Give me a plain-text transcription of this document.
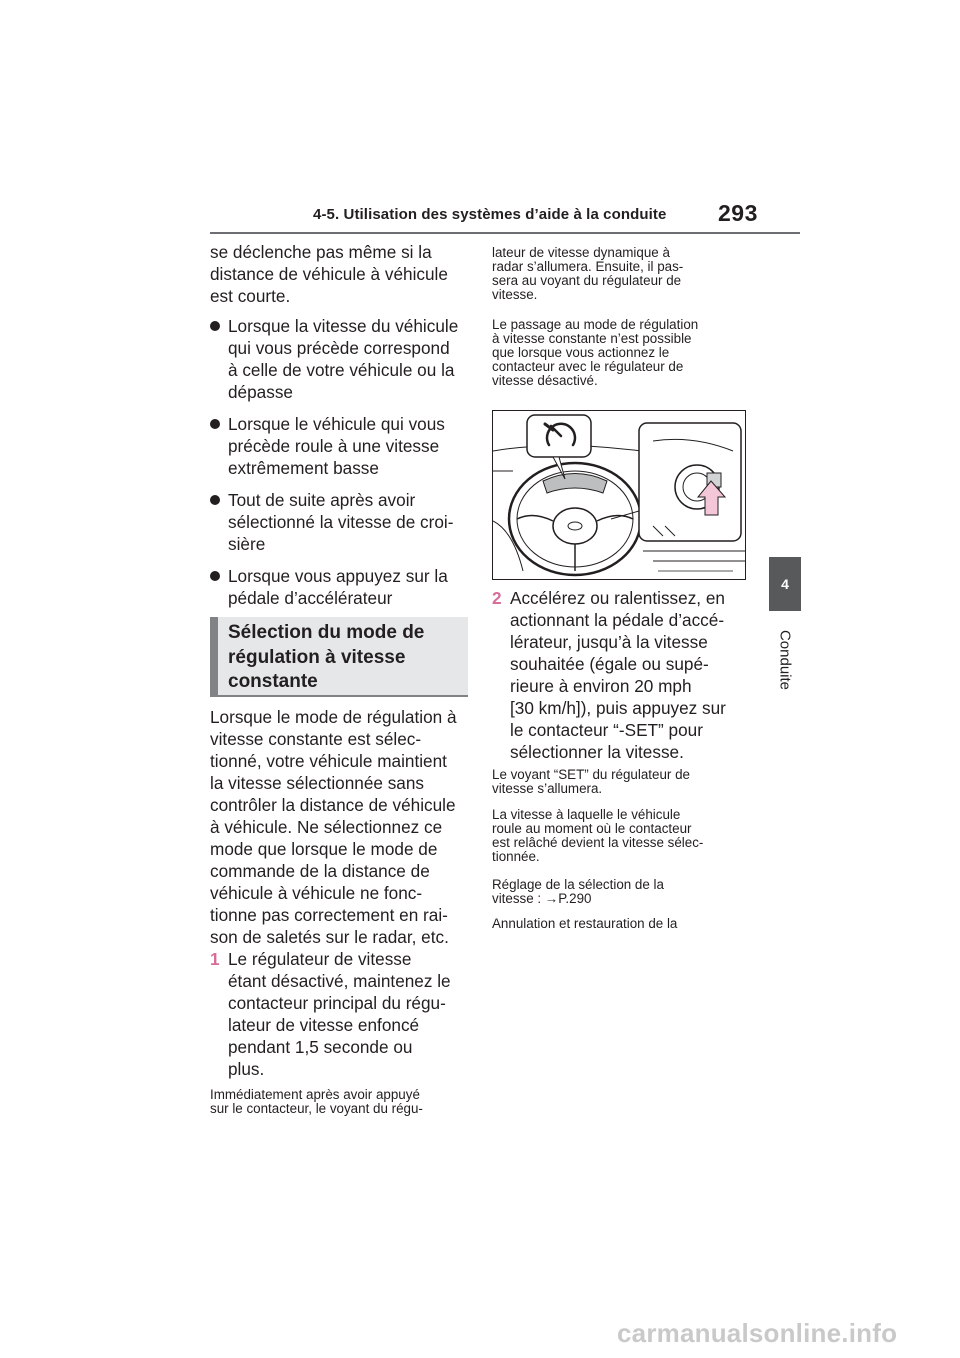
4-5. Utilisation des systèmes d’aide à la conduite 293
4
Conduite

se déclenche pas même si la

distance de véhicule à véhicule

est courte.

Lorsque la vitesse du véhicule

qui vous précède correspond

à celle de votre véhicule ou la

dépasse

Lorsque le véhicule qui vous

précède roule à une vitesse

extrêmement basse

Tout de suite après avoir

sélectionné la vitesse de croi-

sière

Lorsque vous appuyez sur la

pédale d’accélérateur

Sélection du mode de
régulation à vitesse
constante

Lorsque le mode de régulation à

vitesse constante est sélec-

tionné, votre véhicule maintient

la vitesse sélectionnée sans

contrôler la distance de véhicule

à véhicule. Ne sélectionnez ce

mode que lorsque le mode de

commande de la distance de

véhicule à véhicule ne fonc-

tionne pas correctement en rai-

son de saletés sur le radar, etc.

1 Le régulateur de vitesse

étant désactivé, maintenez le

contacteur principal du régu-

lateur de vitesse enfoncé

pendant 1,5 seconde ou

plus.

Immédiatement après avoir appuyé

sur le contacteur, le voyant du régu-

lateur de vitesse dynamique à

radar s’allumera. Ensuite, il pas-

sera au voyant du régulateur de

vitesse.

Le passage au mode de régulation

à vitesse constante n’est possible

que lorsque vous actionnez le

contacteur avec le régulateur de

vitesse désactivé.

2 Accélérez ou ralentissez, en

actionnant la pédale d’accé-

lérateur, jusqu’à la vitesse

souhaitée (égale ou supé-

rieure à environ 20 mph

[30 km/h]), puis appuyez sur

le contacteur “-SET” pour

sélectionner la vitesse.

Le voyant “SET” du régulateur de

vitesse s’allumera.

La vitesse à laquelle le véhicule

roule au moment où le contacteur

est relâché devient la vitesse sélec-

tionnée.

Réglage de la sélection de la

vitesse : →P.290

Annulation et restauration de la

carmanualsonline.info
